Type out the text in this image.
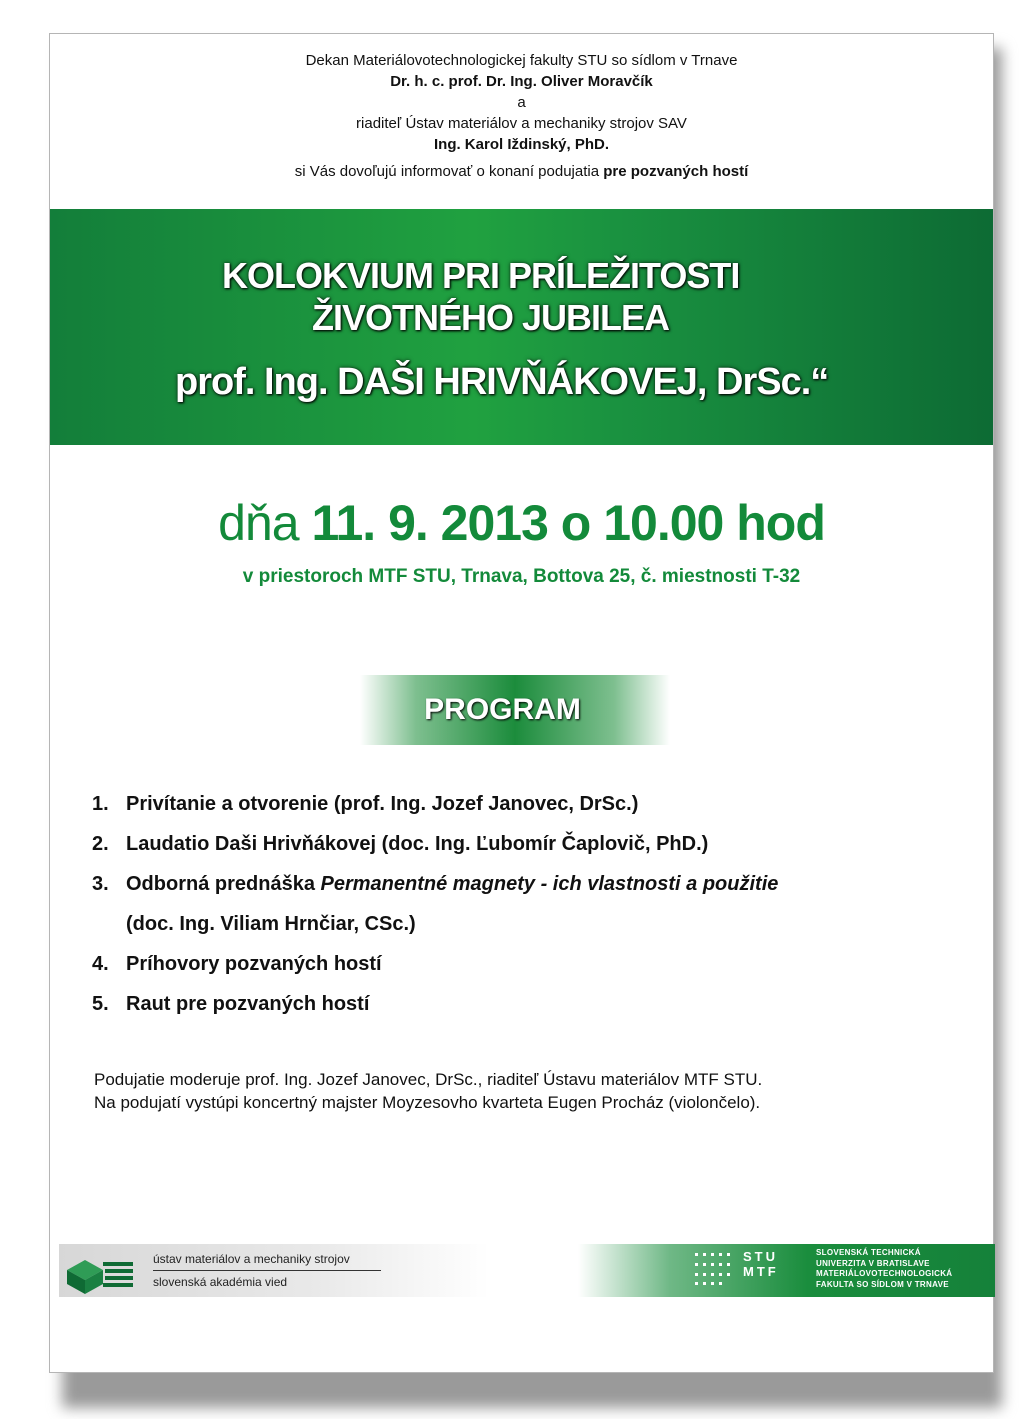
Dekan Materiálovotechnologickej fakulty STU so sídlom v Trnave
Dr. h. c. prof. Dr. Ing. Oliver Moravčík
a
riaditeľ Ústav materiálov a mechaniky strojov SAV
Ing. Karol Iždinský, PhD.
si Vás dovoľujú informovať o konaní podujatia pre pozvaných hostí
KOLOKVIUM PRI PRÍLEŽITOSTI
ŽIVOTNÉHO JUBILEA
prof. Ing. DAŠI HRIVŇÁKOVEJ, DrSc.“
dňa 11. 9. 2013 o 10.00 hod
v priestoroch MTF STU, Trnava, Bottova 25, č. miestnosti T-32
PROGRAM
1. Privítanie a otvorenie (prof. Ing. Jozef Janovec, DrSc.)
2. Laudatio Daši Hrivňákovej (doc. Ing. Ľubomír Čaplovič, PhD.)
3. Odborná prednáška Permanentné magnety - ich vlastnosti a použitie
(doc. Ing. Viliam Hrnčiar, CSc.)
4. Príhovory pozvaných hostí
5. Raut pre pozvaných hostí
Podujatie moderuje prof. Ing. Jozef Janovec, DrSc., riaditeľ Ústavu materiálov MTF STU.
Na podujatí vystúpi koncertný majster Moyzesovho kvarteta Eugen Procház (violončelo).
ústav materiálov a mechaniky strojov
slovenská akadémia vied
STU
MTF
SLOVENSKÁ TECHNICKÁ
UNIVERZITA V BRATISLAVE
MATERIÁLOVOTECHNOLOGICKÁ
FAKULTA SO SÍDLOM V TRNAVE
